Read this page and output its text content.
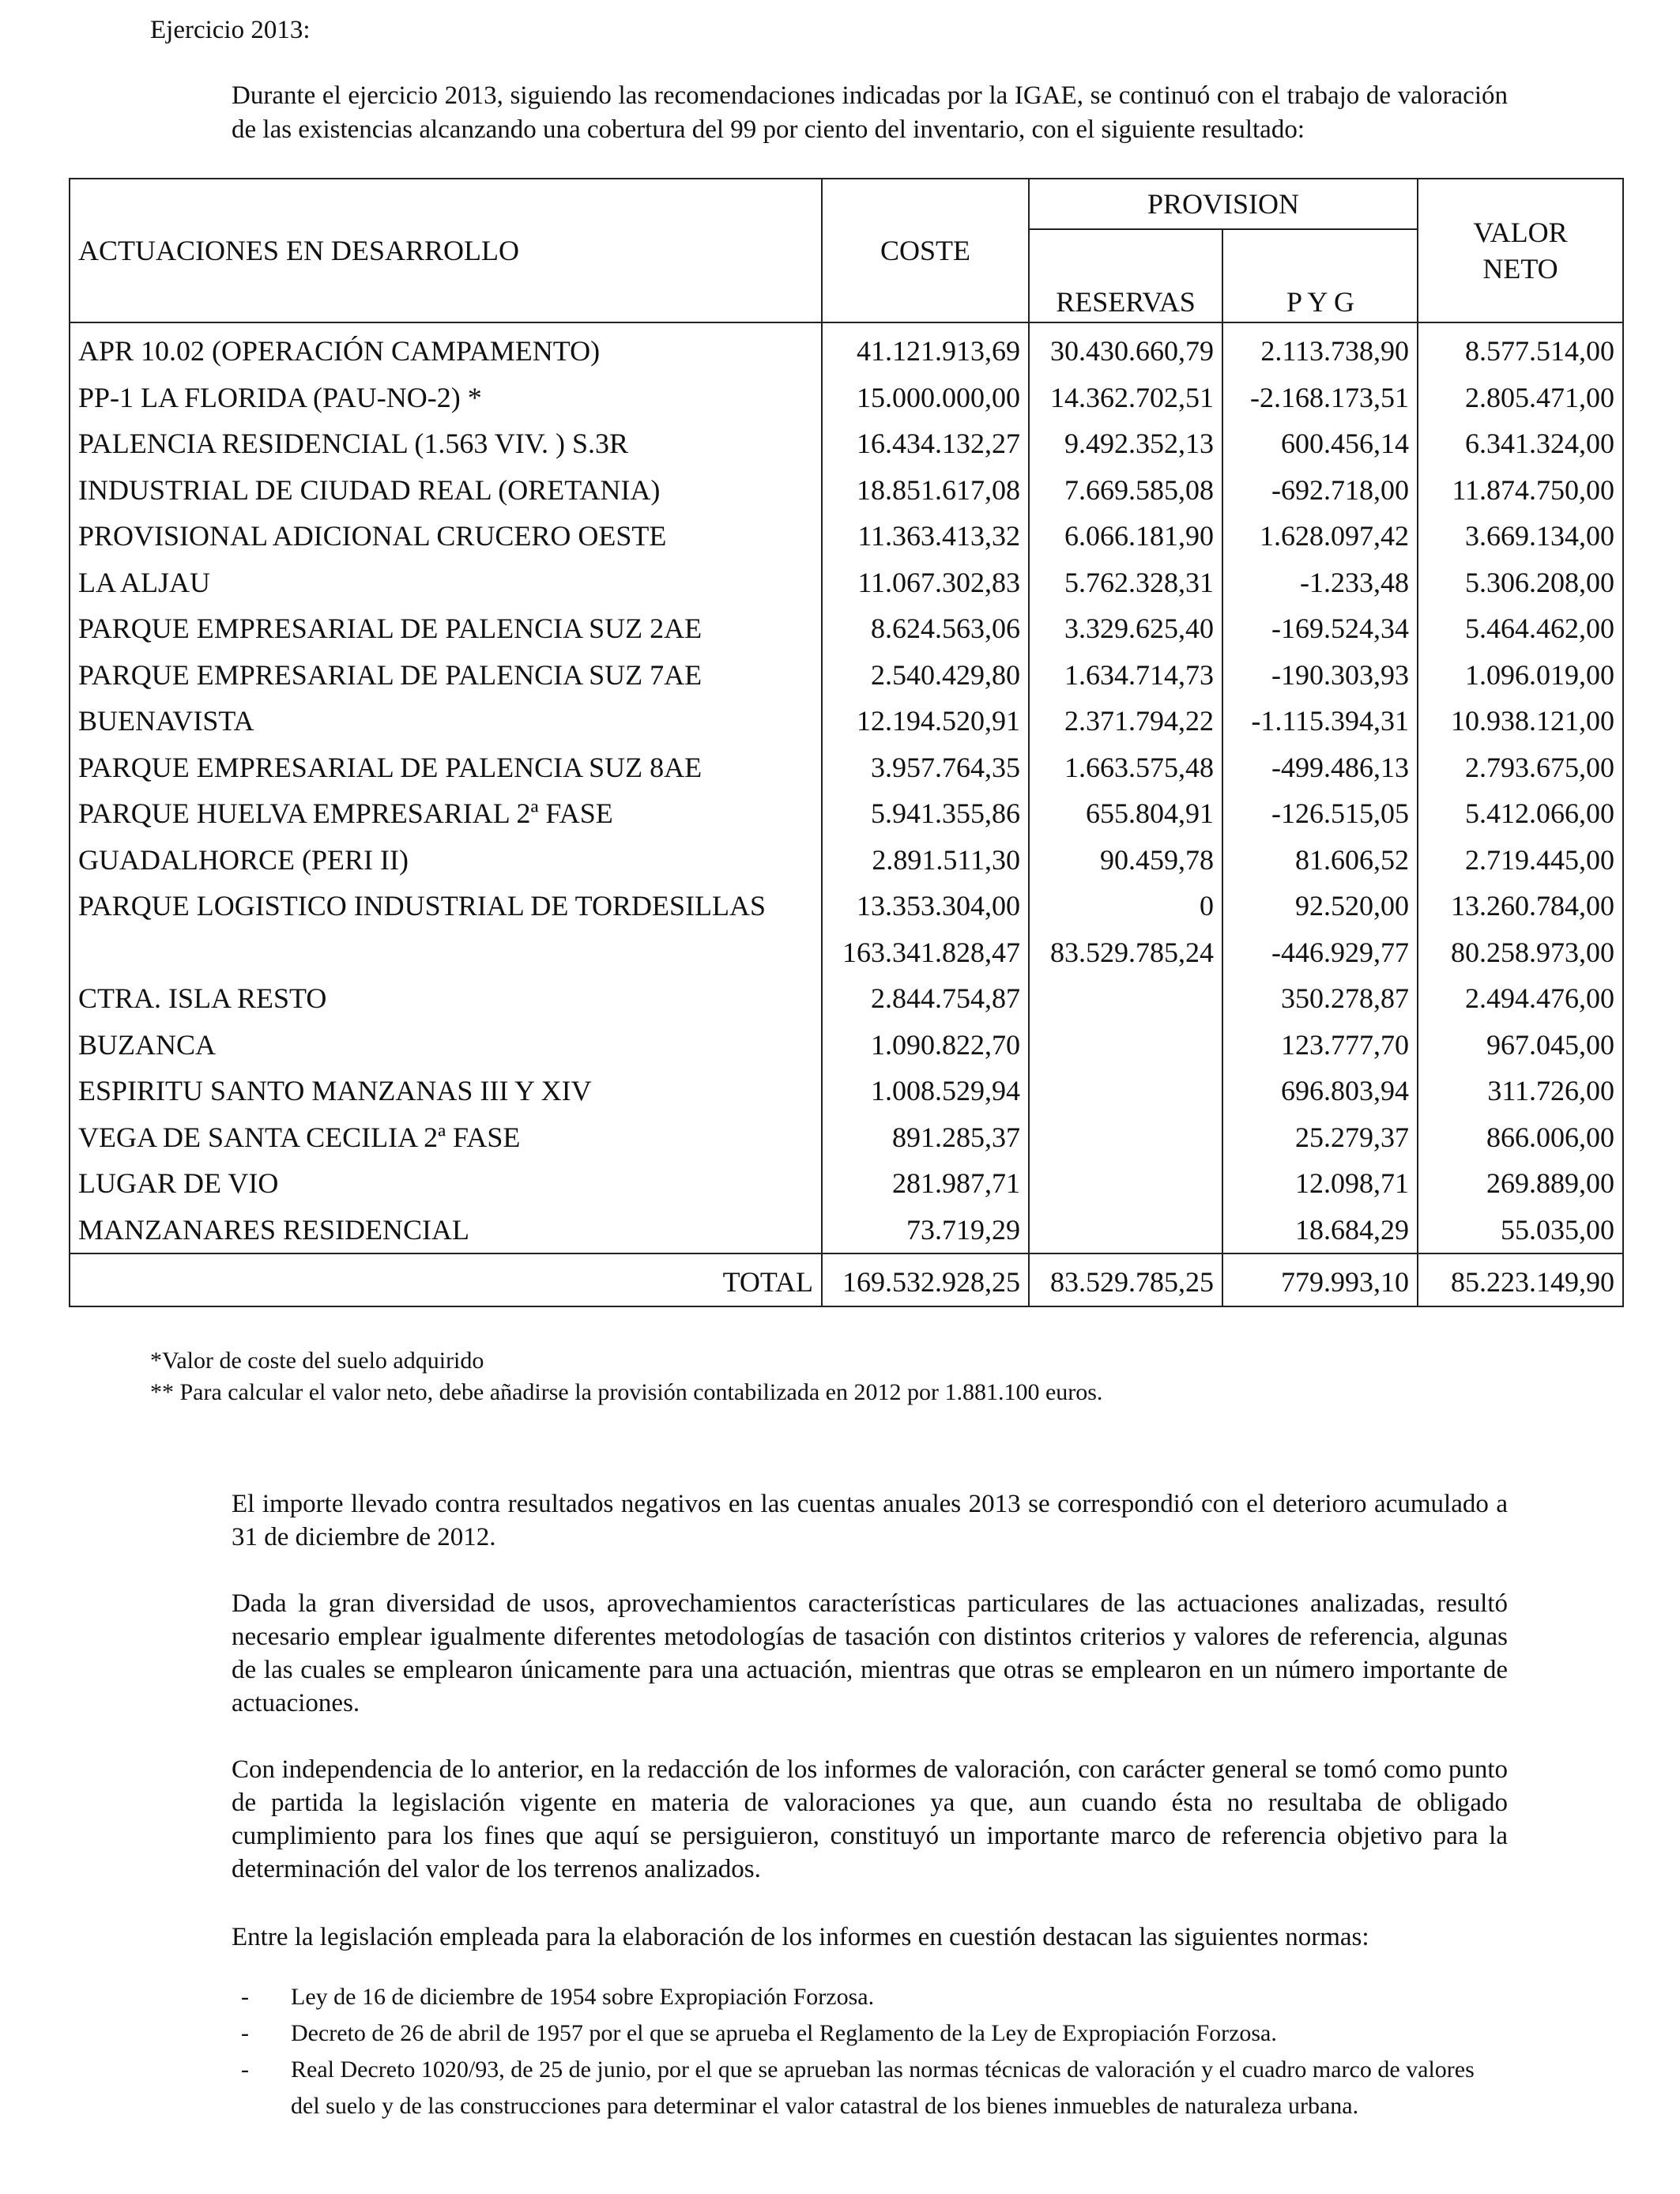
Ejercicio 2013:
Durante el ejercicio 2013, siguiendo las recomendaciones indicadas por la IGAE, se continuó con el trabajo de valoración de las existencias alcanzando una cobertura del 99 por ciento del inventario, con el siguiente resultado:
ACTUACIONES EN DESARROLLO	COSTE	PROVISION		VALOR
NETO
		RESERVAS	P Y G	
APR 10.02 (OPERACIÓN CAMPAMENTO)	41.121.913,69	30.430.660,79	2.113.738,90	8.577.514,00
PP-1 LA FLORIDA (PAU-NO-2) *	15.000.000,00	14.362.702,51	-2.168.173,51	2.805.471,00
PALENCIA RESIDENCIAL (1.563 VIV. ) S.3R	16.434.132,27	9.492.352,13	600.456,14	6.341.324,00
INDUSTRIAL DE CIUDAD REAL (ORETANIA)	18.851.617,08	7.669.585,08	-692.718,00	11.874.750,00
PROVISIONAL ADICIONAL CRUCERO OESTE	11.363.413,32	6.066.181,90	1.628.097,42	3.669.134,00
LA ALJAU	11.067.302,83	5.762.328,31	-1.233,48	5.306.208,00
PARQUE EMPRESARIAL DE PALENCIA SUZ 2AE	8.624.563,06	3.329.625,40	-169.524,34	5.464.462,00
PARQUE EMPRESARIAL DE PALENCIA SUZ 7AE	2.540.429,80	1.634.714,73	-190.303,93	1.096.019,00
BUENAVISTA	12.194.520,91	2.371.794,22	-1.115.394,31	10.938.121,00
PARQUE EMPRESARIAL DE PALENCIA SUZ 8AE	3.957.764,35	1.663.575,48	-499.486,13	2.793.675,00
PARQUE HUELVA EMPRESARIAL 2ª FASE	5.941.355,86	655.804,91	-126.515,05	5.412.066,00
GUADALHORCE (PERI II)	2.891.511,30	90.459,78	81.606,52	2.719.445,00
PARQUE LOGISTICO INDUSTRIAL DE TORDESILLAS	13.353.304,00	0	92.520,00	13.260.784,00
	163.341.828,47	83.529.785,24	-446.929,77	80.258.973,00
CTRA. ISLA RESTO	2.844.754,87		350.278,87	2.494.476,00
BUZANCA	1.090.822,70		123.777,70	967.045,00
ESPIRITU SANTO MANZANAS III Y XIV	1.008.529,94		696.803,94	311.726,00
VEGA DE SANTA CECILIA 2ª FASE	891.285,37		25.279,37	866.006,00
LUGAR DE VIO	281.987,71		12.098,71	269.889,00
MANZANARES RESIDENCIAL	73.719,29		18.684,29	55.035,00
TOTAL	169.532.928,25	83.529.785,25	779.993,10	85.223.149,90
*Valor de coste del suelo adquirido
** Para calcular el valor neto, debe añadirse la provisión contabilizada en 2012 por 1.881.100 euros.
El importe llevado contra resultados negativos en las cuentas anuales 2013 se correspondió con el deterioro acumulado a 31 de diciembre de 2012.
Dada la gran diversidad de usos, aprovechamientos características particulares de las actuaciones analizadas, resultó necesario emplear igualmente diferentes metodologías de tasación con distintos criterios y valores de referencia, algunas de las cuales se emplearon únicamente para una actuación, mientras que otras se emplearon en un número importante de actuaciones.
Con independencia de lo anterior, en la redacción de los informes de valoración, con carácter general se tomó como punto de partida la legislación vigente en materia de valoraciones ya que, aun cuando ésta no resultaba de obligado cumplimiento para los fines que aquí se persiguieron, constituyó un importante marco de referencia objetivo para la determinación del valor de los terrenos analizados.
Entre la legislación empleada para la elaboración de los informes en cuestión destacan las siguientes normas:
- Ley de 16 de diciembre de 1954 sobre Expropiación Forzosa.
- Decreto de 26 de abril de 1957 por el que se aprueba el Reglamento de la Ley de Expropiación Forzosa.
- Real Decreto 1020/93, de 25 de junio, por el que se aprueban las normas técnicas de valoración y el cuadro marco de valores del suelo y de las construcciones para determinar el valor catastral de los bienes inmuebles de naturaleza urbana.
